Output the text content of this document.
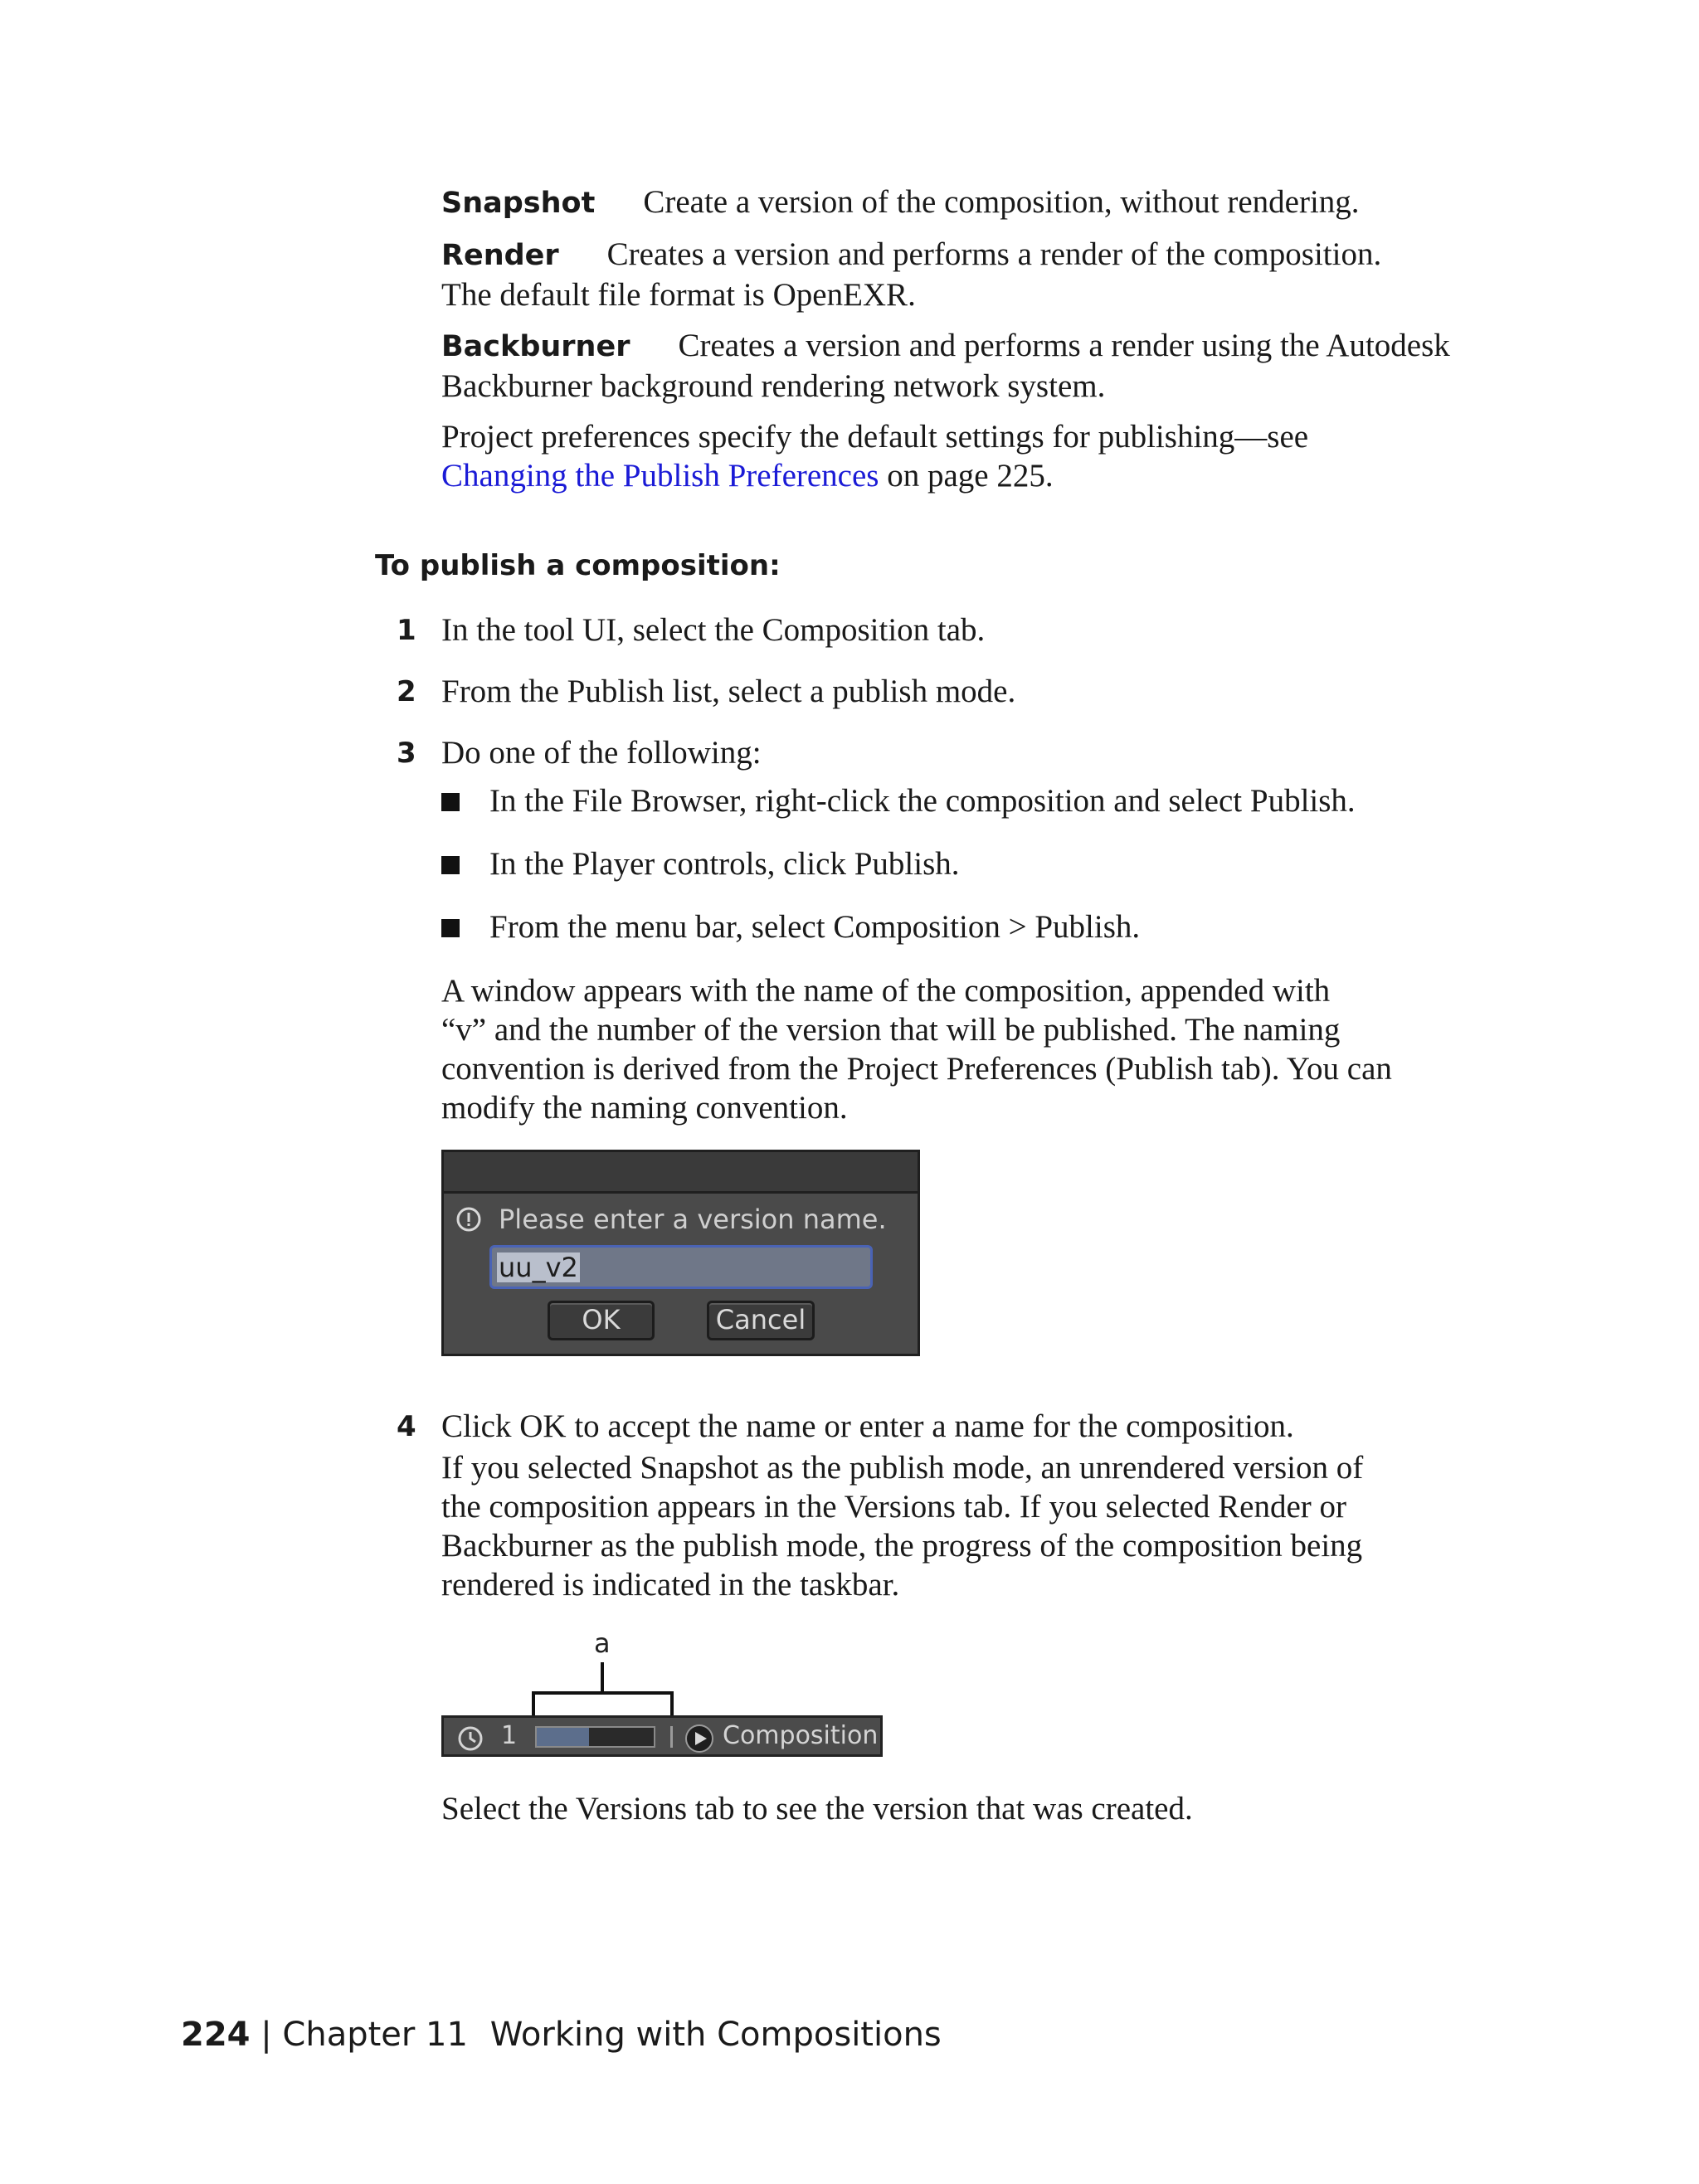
Snapshot Create a version of the composition, without rendering.
Render Creates a version and performs a render of the composition.
The default file format is OpenEXR.
Backburner Creates a version and performs a render using the Autodesk
Backburner background rendering network system.
Project preferences specify the default settings for publishing—see
Changing the Publish Preferences on page 225.
To publish a composition:
1 In the tool UI, select the Composition tab.
2 From the Publish list, select a publish mode.
3 Do one of the following:
In the File Browser, right-click the composition and select Publish.
In the Player controls, click Publish.
From the menu bar, select Composition > Publish.
A window appears with the name of the composition, appended with
“v” and the number of the version that will be published. The naming
convention is derived from the Project Preferences (Publish tab). You can
modify the naming convention.
Please enter a version name.
uu_v2
OK	Cancel
4 Click OK to accept the name or enter a name for the composition.
If you selected Snapshot as the publish mode, an unrendered version of
the composition appears in the Versions tab. If you selected Render or
Backburner as the publish mode, the progress of the composition being
rendered is indicated in the taskbar.
a
1	Composition
Select the Versions tab to see the version that was created.
224 | Chapter 11 Working with Compositions
